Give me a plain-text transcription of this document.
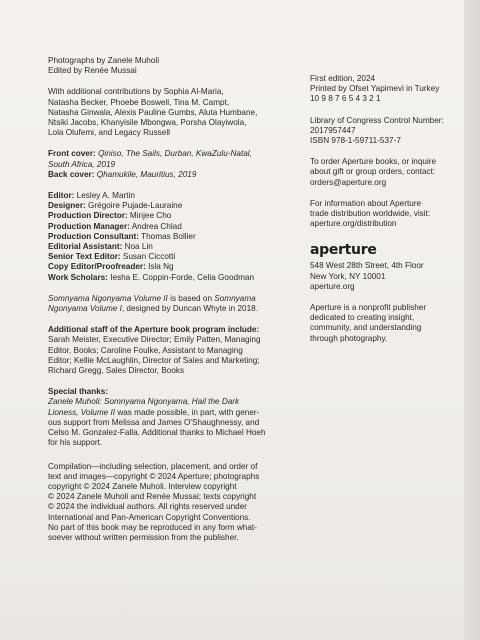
Photographs by Zanele Muholi

Edited by Renée Mussai

With additional contributions by Sophia Al-Maria,

Natasha Becker, Phoebe Boswell, Tina M. Campt,

Natasha Ginwala, Alexis Pauline Gumbs, Aluta Humbane,

Ntsiki Jacobs, Khanyisile Mbongwa, Porsha Olayiwola,

Lola Olufemi, and Legacy Russell

Front cover: Qiniso, The Sails, Durban, KwaZulu-Natal,

South Africa, 2019

Back cover: Qhamukile, Mauritius, 2019

Editor: Lesley A. Martin

Designer: Grégoire Pujade-Lauraine

Production Director: Minjee Cho

Production Manager: Andrea Chlad

Production Consultant: Thomas Bollier

Editorial Assistant: Noa Lin

Senior Text Editor: Susan Ciccotti

Copy Editor/Proofreader: Isla Ng

Work Scholars: Iesha E. Coppin-Forde, Celia Goodman

Somnyama Ngonyama Volume II is based on Somnyama

Ngonyama Volume I, designed by Duncan Whyte in 2018.

Additional staff of the Aperture book program include:

Sarah Meister, Executive Director; Emily Patten, Managing

Editor, Books; Caroline Foulke, Assistant to Managing

Editor; Kellie McLaughlin, Director of Sales and Marketing;

Richard Gregg, Sales Director, Books

Special thanks:

Zanele Muholi: Somnyama Ngonyama, Hail the Dark

Lioness, Volume II was made possible, in part, with gener-

ous support from Melissa and James O'Shaughnessy, and

Celso M. Gonzalez-Falla. Additional thanks to Michael Hoeh

for his support.

Compilation—including selection, placement, and order of

text and images—copyright © 2024 Aperture; photographs

copyright © 2024 Zanele Muholi. Interview copyright

© 2024 Zanele Muholi and Renée Mussai; texts copyright

© 2024 the individual authors. All rights reserved under

International and Pan-American Copyright Conventions.

No part of this book may be reproduced in any form what-

soever without written permission from the publisher.

First edition, 2024

Printed by Ofset Yapimevi in Turkey

10 9 8 7 6 5 4 3 2 1

Library of Congress Control Number:

2017957447

ISBN 978-1-59711-537-7

To order Aperture books, or inquire

about gift or group orders, contact:

orders@aperture.org

For information about Aperture

trade distribution worldwide, visit:

aperture.org/distribution

aperture

548 West 28th Street, 4th Floor

New York, NY 10001

aperture.org

Aperture is a nonprofit publisher

dedicated to creating insight,

community, and understanding

through photography.
